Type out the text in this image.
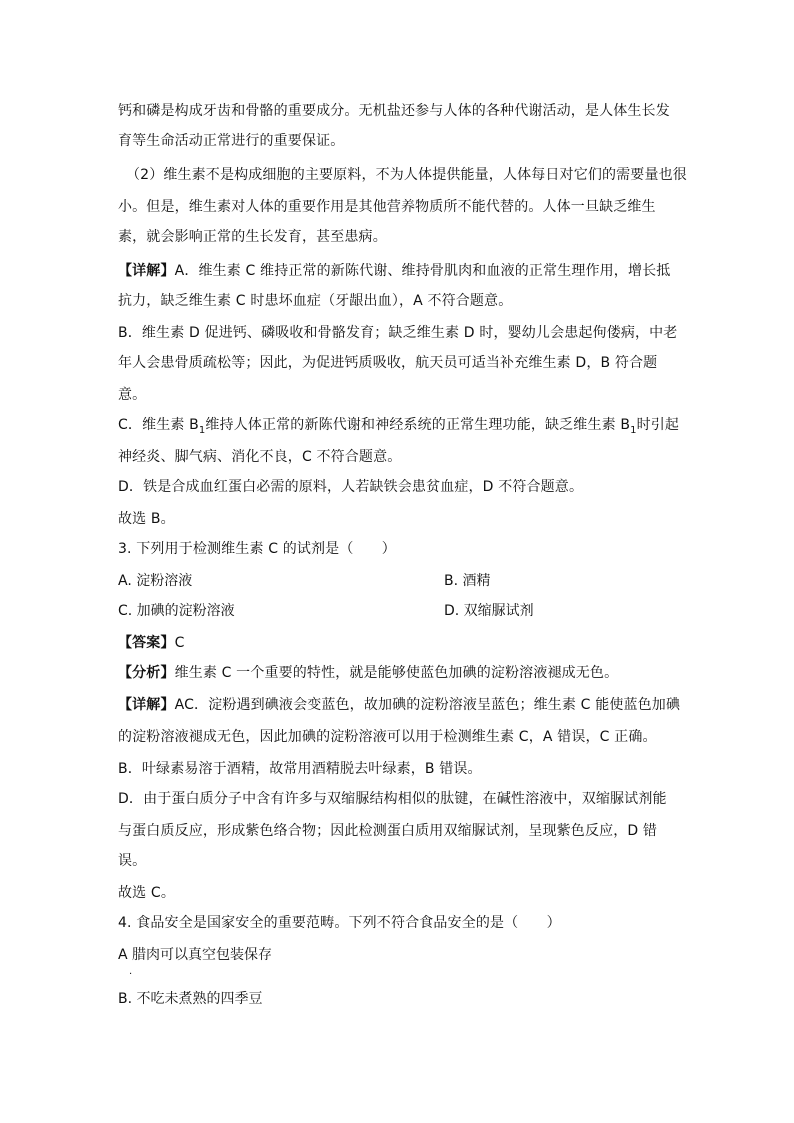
钙和磷是构成牙齿和骨骼的重要成分。无机盐还参与人体的各种代谢活动，是人体生长发
育等生命活动正常进行的重要保证。
（2）维生素不是构成细胞的主要原料，不为人体提供能量，人体每日对它们的需要量也很
小。但是，维生素对人体的重要作用是其他营养物质所不能代替的。人体一旦缺乏维生
素，就会影响正常的生长发育，甚至患病。
【详解】A．维生素 C 维持正常的新陈代谢、维持骨肌肉和血液的正常生理作用，增长抵
抗力，缺乏维生素 C 时患坏血症（牙龈出血），A 不符合题意。
B．维生素 D 促进钙、磷吸收和骨骼发育；缺乏维生素 D 时，婴幼儿会患起佝偻病，中老
年人会患骨质疏松等；因此，为促进钙质吸收，航天员可适当补充维生素 D，B 符合题
意。
C．维生素 $B_1$维持人体正常的新陈代谢和神经系统的正常生理功能，缺乏维生素 $B_1$时引起
神经炎、脚气病、消化不良，C 不符合题意。
D．铁是合成血红蛋白必需的原料，人若缺铁会患贫血症，D 不符合题意。
故选 B。
3. 下列用于检测维生素 C 的试剂是（　　）
A. 淀粉溶液	B. 酒精
C. 加碘的淀粉溶液	D. 双缩脲试剂
【答案】C
【分析】维生素 C 一个重要的特性，就是能够使蓝色加碘的淀粉溶液褪成无色。
【详解】AC．淀粉遇到碘液会变蓝色，故加碘的淀粉溶液呈蓝色；维生素 C 能使蓝色加碘
的淀粉溶液褪成无色，因此加碘的淀粉溶液可以用于检测维生素 C，A 错误，C 正确。
B．叶绿素易溶于酒精，故常用酒精脱去叶绿素，B 错误。
D．由于蛋白质分子中含有许多与双缩脲结构相似的肽键，在碱性溶液中，双缩脲试剂能
与蛋白质反应，形成紫色络合物；因此检测蛋白质用双缩脲试剂，呈现紫色反应，D 错
误。
故选 C。
4. 食品安全是国家安全的重要范畴。下列不符合食品安全的是（　　）
A 腊肉可以真空包装保存
.
B. 不吃未煮熟的四季豆
